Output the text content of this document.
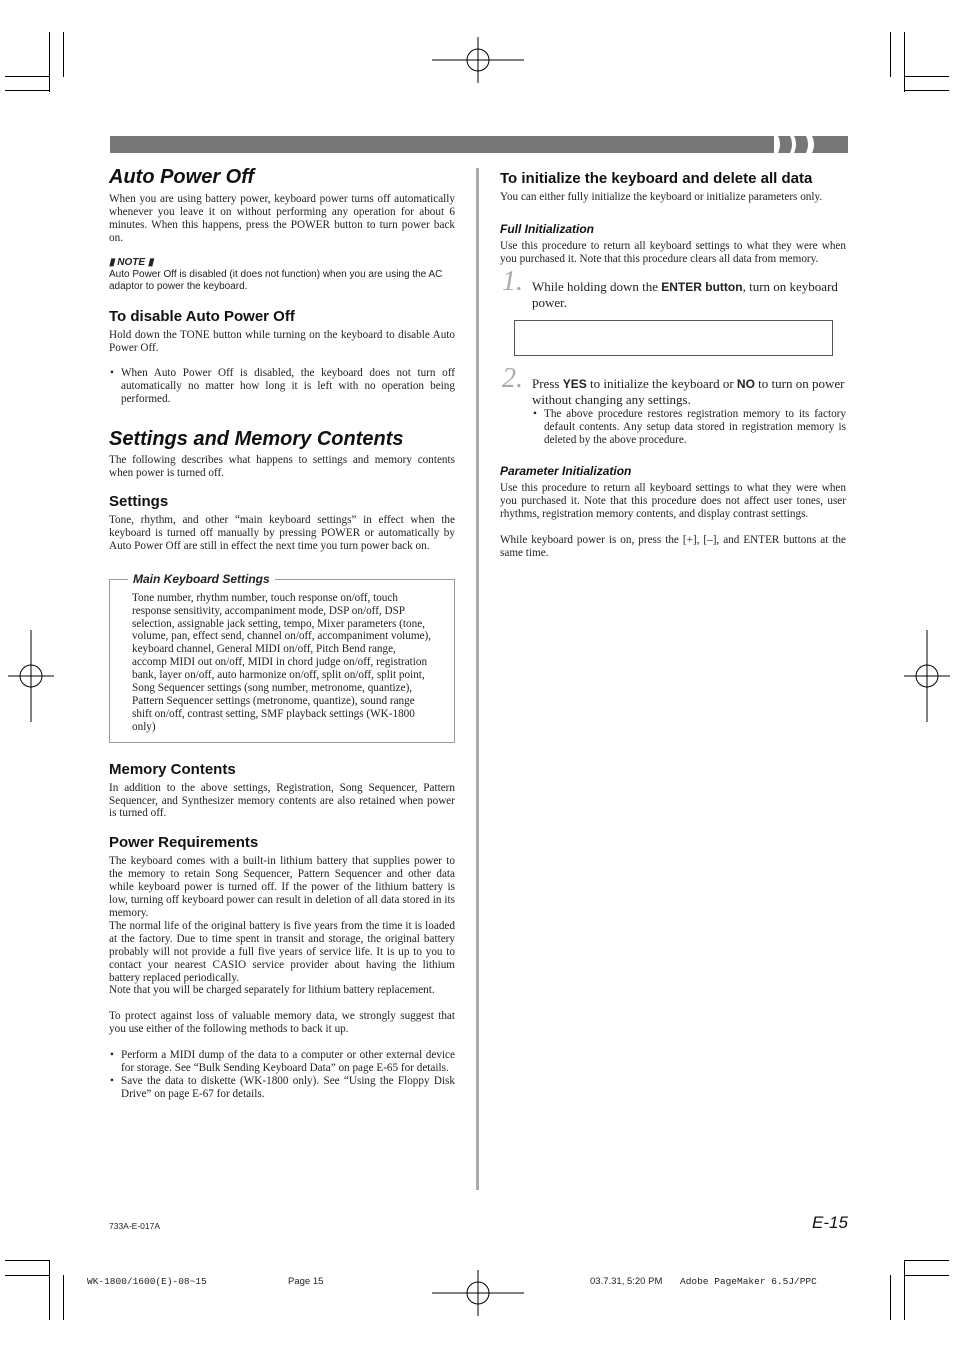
Auto Power Off

When you are using battery power, keyboard power turns off automatically whenever you leave it on without performing any operation for about 6 minutes. When this happens, press the POWER button to turn power back on.

▮ NOTE ▮

Auto Power Off is disabled (it does not function) when you are using the AC adaptor to power the keyboard.

To disable Auto Power Off

Hold down the TONE button while turning on the keyboard to disable Auto Power Off.

• When Auto Power Off is disabled, the keyboard does not turn off automatically no matter how long it is left with no operation being performed.

Settings and Memory Contents

The following describes what happens to settings and memory contents when power is turned off.

Settings

Tone, rhythm, and other “main keyboard settings” in effect when the keyboard is turned off manually by pressing POWER or automatically by Auto Power Off are still in effect the next time you turn power back on.

Main Keyboard Settings

Tone number, rhythm number, touch response on/off, touch response sensitivity, accompaniment mode, DSP on/off, DSP selection, assignable jack setting, tempo, Mixer parameters (tone, volume, pan, effect send, channel on/off, accompaniment volume), keyboard channel, General MIDI on/off, Pitch Bend range, accomp MIDI out on/off, MIDI in chord judge on/off, registration bank, layer on/off, auto harmonize on/off, split on/off, split point, Song Sequencer settings (song number, metronome, quantize), Pattern Sequencer settings (metronome, quantize), sound range shift on/off, contrast setting, SMF playback settings (WK-1800 only)

Memory Contents

In addition to the above settings, Registration, Song Sequencer, Pattern Sequencer, and Synthesizer memory contents are also retained when power is turned off.

Power Requirements

The keyboard comes with a built-in lithium battery that supplies power to the memory to retain Song Sequencer, Pattern Sequencer and other data while keyboard power is turned off. If the power of the lithium battery is low, turning off keyboard power can result in deletion of all data stored in its memory.

The normal life of the original battery is five years from the time it is loaded at the factory. Due to time spent in transit and storage, the original battery probably will not provide a full five years of service life. It is up to you to contact your nearest CASIO service provider about having the lithium battery replaced periodically.

Note that you will be charged separately for lithium battery replacement.

To protect against loss of valuable memory data, we strongly suggest that you use either of the following methods to back it up.

• Perform a MIDI dump of the data to a computer or other external device for storage. See “Bulk Sending Keyboard Data” on page E-65 for details.

• Save the data to diskette (WK-1800 only). See “Using the Floppy Disk Drive” on page E-67 for details.

To initialize the keyboard and delete all data

You can either fully initialize the keyboard or initialize parameters only.

Full Initialization

Use this procedure to return all keyboard settings to what they were when you purchased it. Note that this procedure clears all data from memory.

1. While holding down the ENTER button, turn on keyboard power.

2. Press YES to initialize the keyboard or NO to turn on power without changing any settings.

• The above procedure restores registration memory to its factory default contents. Any setup data stored in registration memory is deleted by the above procedure.

Parameter Initialization

Use this procedure to return all keyboard settings to what they were when you purchased it. Note that this procedure does not affect user tones, user rhythms, registration memory contents, and display contrast settings.

While keyboard power is on, press the [+], [–], and ENTER buttons at the same time.

733A-E-017A	E-15
WK-1800/1600(E)-08~15	Page 15	03.7.31, 5:20 PM Adobe PageMaker 6.5J/PPC
